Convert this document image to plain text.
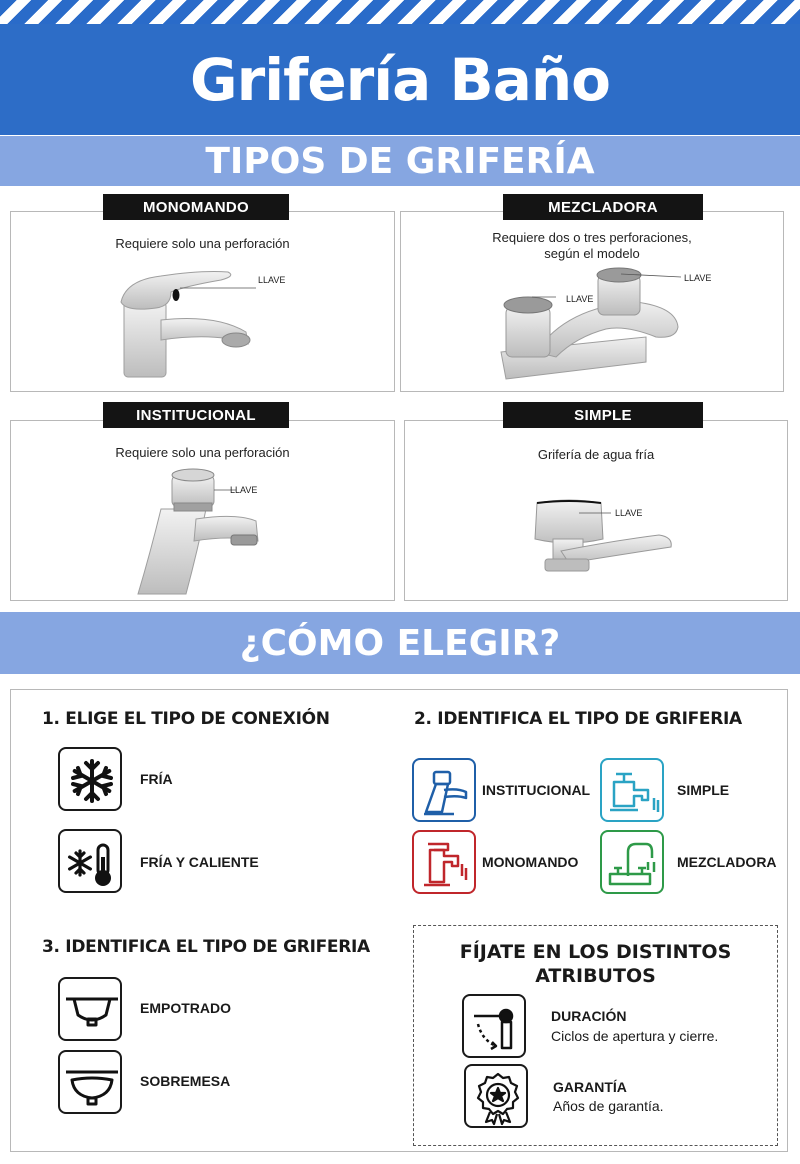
Grifería Baño
TIPOS DE GRIFERÍA
Requiere solo una perforación
LLAVE
MONOMANDO
Requiere dos o tres perforaciones,
según el modelo
LLAVE
LLAVE
MEZCLADORA
Requiere solo una perforación
LLAVE
INSTITUCIONAL
Grifería de agua fría
LLAVE
SIMPLE
¿CÓMO ELEGIR?
1. ELIGE EL TIPO DE CONEXIÓN
FRÍA
FRÍA Y CALIENTE
2. IDENTIFICA EL TIPO DE GRIFERIA
INSTITUCIONAL	SIMPLE
MONOMANDO	MEZCLADORA
3. IDENTIFICA EL TIPO DE GRIFERIA
EMPOTRADO
SOBREMESA
FÍJATE EN LOS DISTINTOS
ATRIBUTOS
DURACIÓN
Ciclos de apertura y cierre.
GARANTÍA
Años de garantía.
